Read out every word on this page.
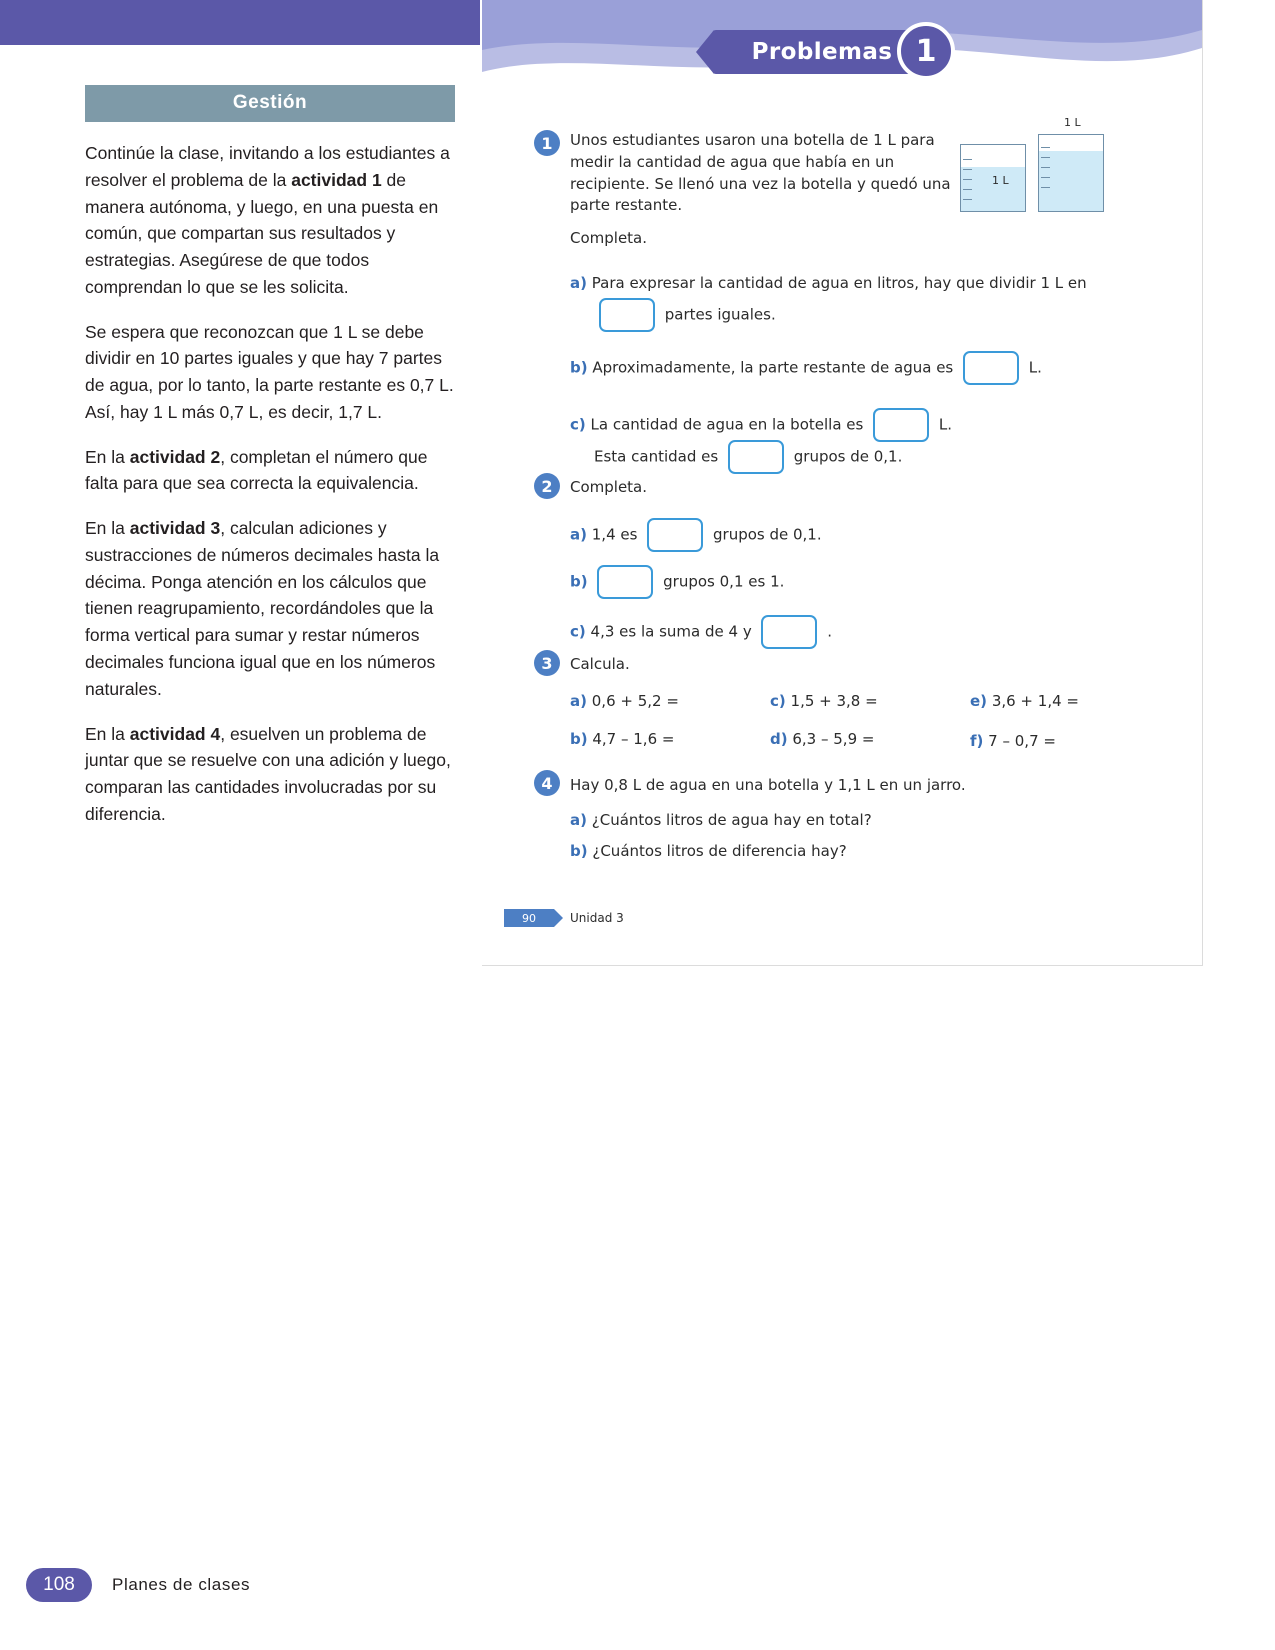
Gestión

Continúe la clase, invitando a los estudiantes a resolver el problema de la actividad 1 de manera autónoma, y luego, en una puesta en común, que compartan sus resultados y estrategias. Asegúrese de que todos comprendan lo que se les solicita.

Se espera que reconozcan que 1 L se debe dividir en 10 partes iguales y que hay 7 partes de agua, por lo tanto, la parte restante es 0,7 L. Así, hay 1 L más 0,7 L, es decir, 1,7 L.

En la actividad 2, completan el número que falta para que sea correcta la equivalencia.

En la actividad 3, calculan adiciones y sustracciones de números decimales hasta la décima. Ponga atención en los cálculos que tienen reagrupamiento, recordándoles que la forma vertical para sumar y restar números decimales funciona igual que en los números naturales.

En la actividad 4, esuelven un problema de juntar que se resuelve con una adición y luego, comparan las cantidades involucradas por su diferencia.

Problemas 1
1	Unos estudiantes usaron una botella de 1 L para medir la cantidad de agua que había en un recipiente. Se llenó una vez la botella y quedó una parte restante.
1 L
1 L
Completa.
a) Para expresar la cantidad de agua en litros, hay que dividir 1 L en
partes iguales.
b) Aproximadamente, la parte restante de agua es	L.
c) La cantidad de agua en la botella es	L.
Esta cantidad es	grupos de 0,1.
2	Completa.
a) 1,4 es	grupos de 0,1.
b)	grupos 0,1 es 1.
c) 4,3 es la suma de 4 y	.
3	Calcula.
a) 0,6 + 5,2 =	c) 1,5 + 3,8 =	e) 3,6 + 1,4 =
b) 4,7 – 1,6 =	d) 6,3 – 5,9 =	f) 7 – 0,7 =
4	Hay 0,8 L de agua en una botella y 1,1 L en un jarro.
a) ¿Cuántos litros de agua hay en total?
b) ¿Cuántos litros de diferencia hay?
90	Unidad 3
108	Planes de clases
